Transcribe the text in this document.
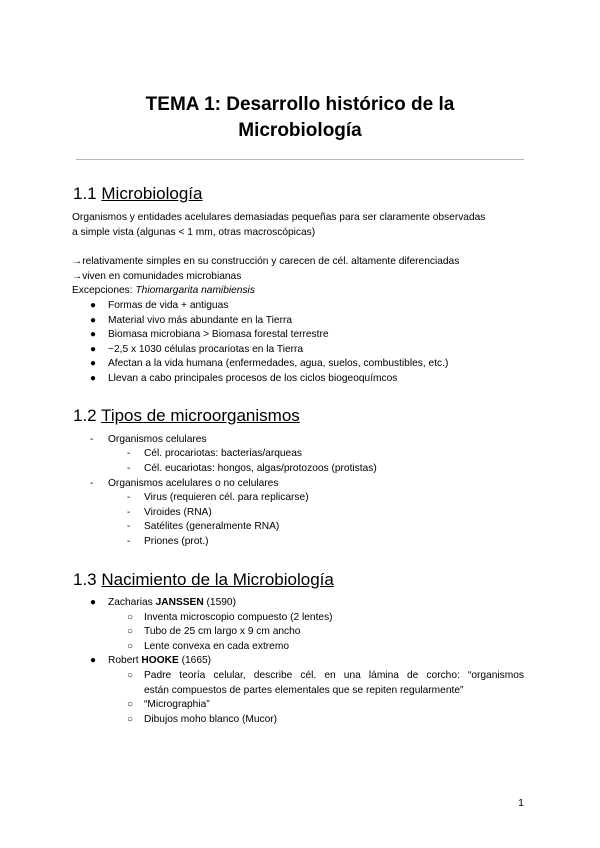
TEMA 1: Desarrollo histórico de la
Microbiología
1.1 Microbiología
Organismos y entidades acelulares demasiadas pequeñas para ser claramente observadas
a simple vista (algunas < 1 mm, otras macroscópicas)
→relativamente simples en su construcción y carecen de cél. altamente diferenciadas
→viven en comunidades microbianas
Excepciones: Thiomargarita namibiensis
● Formas de vida + antiguas
● Material vivo más abundante en la Tierra
● Biomasa microbiana > Biomasa forestal terrestre
● ~2,5 x 1030 células procariotas en la Tierra
● Afectan a la vida humana (enfermedades, agua, suelos, combustibles, etc.)
● Llevan a cabo principales procesos de los ciclos biogeoquímcos
1.2 Tipos de microorganismos
- Organismos celulares
- Cél. procariotas: bacterias/arqueas
- Cél. eucariotas: hongos, algas/protozoos (protistas)
- Organismos acelulares o no celulares
- Virus (requieren cél. para replicarse)
- Viroides (RNA)
- Satélites (generalmente RNA)
- Priones (prot.)
1.3 Nacimiento de la Microbiología
● Zacharias JANSSEN (1590)
○ Inventa microscopio compuesto (2 lentes)
○ Tubo de 25 cm largo x 9 cm ancho
○ Lente convexa en cada extremo
● Robert HOOKE (1665)
○ Padre teoría celular, describe cél. en una lámina de corcho: “organismos
están compuestos de partes elementales que se repiten regularmente”
○ “Micrographia”
○ Dibujos moho blanco (Mucor)
1
